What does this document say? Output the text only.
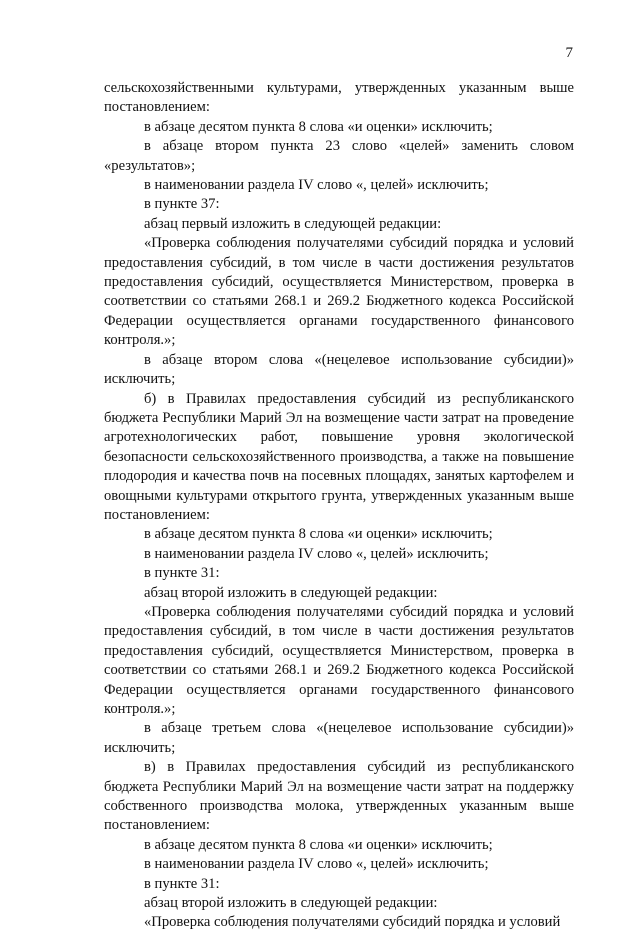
7

сельскохозяйственными культурами, утвержденных указанным выше постановлением:

в абзаце десятом пункта 8 слова «и оценки» исключить;

в абзаце втором пункта 23 слово «целей» заменить словом «результатов»;

в наименовании раздела IV слово «, целей» исключить;

в пункте 37:

абзац первый изложить в следующей редакции:

«Проверка соблюдения получателями субсидий порядка и условий предоставления субсидий, в том числе в части достижения результатов предоставления субсидий, осуществляется Министерством, проверка в соответствии со статьями 268.1 и 269.2 Бюджетного кодекса Российской Федерации осуществляется органами государственного финансового контроля.»;

в абзаце втором слова «(нецелевое использование субсидии)» исключить;

б) в Правилах предоставления субсидий из республиканского бюджета Республики Марий Эл на возмещение части затрат на проведение агротехнологических работ, повышение уровня экологической безопасности сельскохозяйственного производства, а также на повышение плодородия и качества почв на посевных площадях, занятых картофелем и овощными культурами открытого грунта, утвержденных указанным выше постановлением:

в абзаце десятом пункта 8 слова «и оценки» исключить;

в наименовании раздела IV слово «, целей» исключить;

в пункте 31:

абзац второй изложить в следующей редакции:

«Проверка соблюдения получателями субсидий порядка и условий предоставления субсидий, в том числе в части достижения результатов предоставления субсидий, осуществляется Министерством, проверка в соответствии со статьями 268.1 и 269.2 Бюджетного кодекса Российской Федерации осуществляется органами государственного финансового контроля.»;

в абзаце третьем слова «(нецелевое использование субсидии)» исключить;

в) в Правилах предоставления субсидий из республиканского бюджета Республики Марий Эл на возмещение части затрат на поддержку собственного производства молока, утвержденных указанным выше постановлением:

в абзаце десятом пункта 8 слова «и оценки» исключить;

в наименовании раздела IV слово «, целей» исключить;

в пункте 31:

абзац второй изложить в следующей редакции:

«Проверка соблюдения получателями субсидий порядка и условий
